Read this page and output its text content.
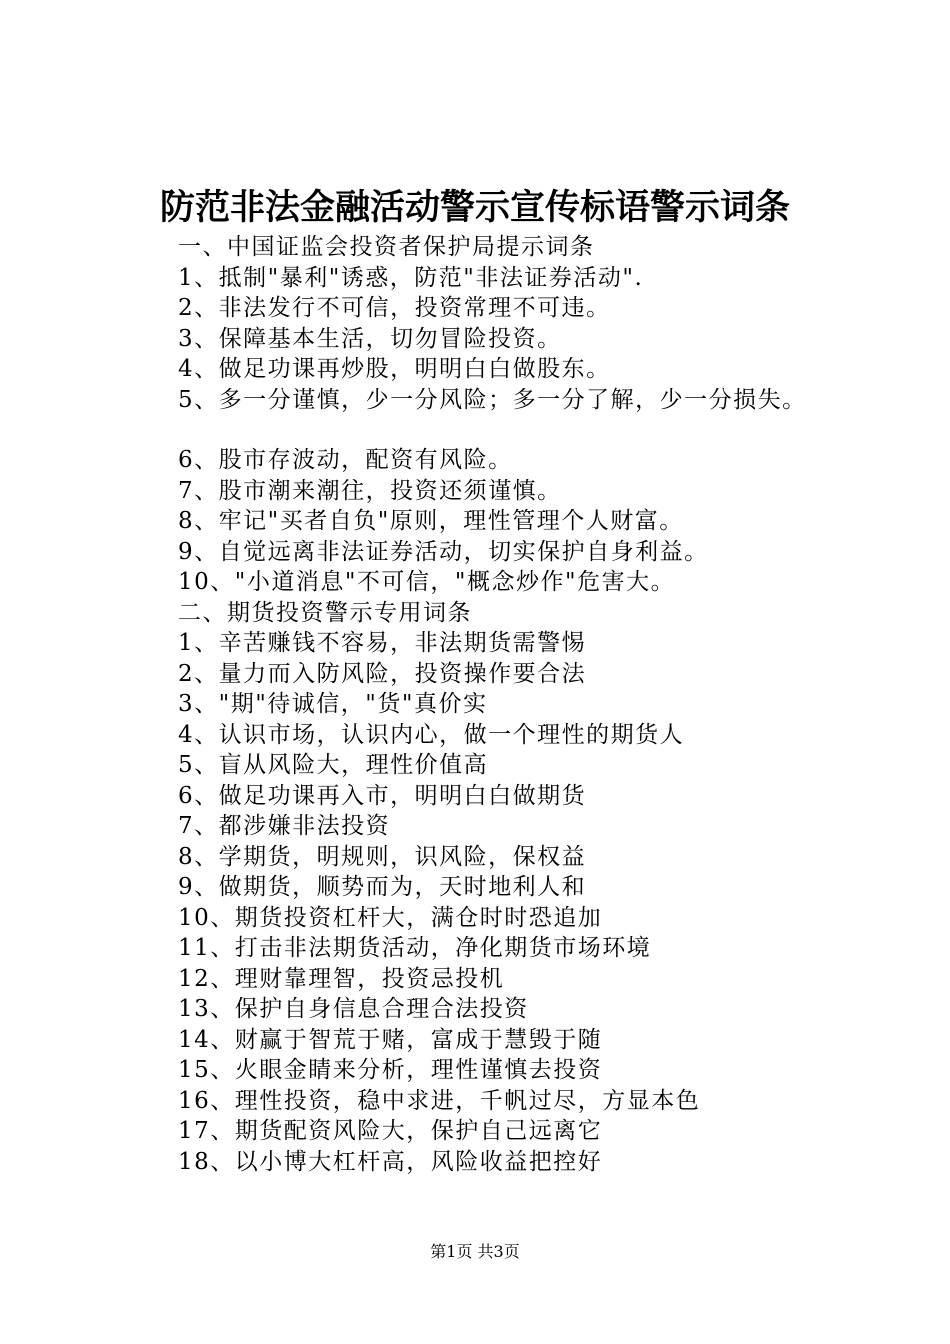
防范非法金融活动警示宣传标语警示词条
一、中国证监会投资者保护局提示词条
1、抵制"暴利"诱惑，防范"非法证券活动".
2、非法发行不可信，投资常理不可违。
3、保障基本生活，切勿冒险投资。
4、做足功课再炒股，明明白白做股东。
5、多一分谨慎，少一分风险；多一分了解，少一分损失。
6、股市存波动，配资有风险。
7、股市潮来潮往，投资还须谨慎。
8、牢记"买者自负"原则，理性管理个人财富。
9、自觉远离非法证券活动，切实保护自身利益。
10、"小道消息"不可信，"概念炒作"危害大。
二、期货投资警示专用词条
1、辛苦赚钱不容易，非法期货需警惕
2、量力而入防风险，投资操作要合法
3、"期"待诚信，"货"真价实
4、认识市场，认识内心，做一个理性的期货人
5、盲从风险大，理性价值高
6、做足功课再入市，明明白白做期货
7、都涉嫌非法投资
8、学期货，明规则，识风险，保权益
9、做期货，顺势而为，天时地利人和
10、期货投资杠杆大，满仓时时恐追加
11、打击非法期货活动，净化期货市场环境
12、理财靠理智，投资忌投机
13、保护自身信息合理合法投资
14、财赢于智荒于赌，富成于慧毁于随
15、火眼金睛来分析，理性谨慎去投资
16、理性投资，稳中求进，千帆过尽，方显本色
17、期货配资风险大，保护自己远离它
18、以小博大杠杆高，风险收益把控好
第1页 共3页
